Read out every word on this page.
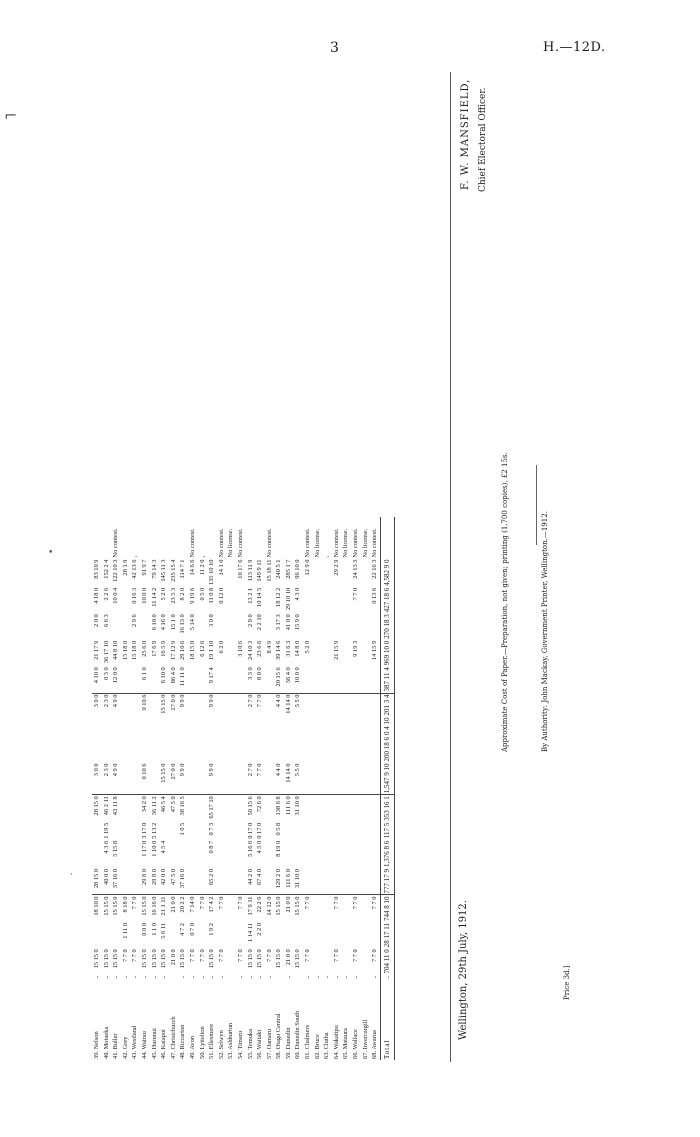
3	H.—12D.
⌐
•
·
39. Nelson	..	15 15 0		18 10 0		28 15 0			28 15 0		3 0 0			3 0 0		4 10 0	21 17 9	2 0 0	4 18 0	83 10 9	
40. Motueka	..	15 15 0		15 15 0		40 0 0	4 3 6	1 19 5	46 2 11		2 3 0			2 3 0		0 3 0	36 17 10	6 6 3	2 2 6	152 2 4	
41. Buller	..	15 15 0		15 15 0		37 16 0	5 15 8		43 11 8		4 9 0			4 9 0		12 0 0	44 8 10		10 0 4	122 10 3	No contest.
42. Grey	..	7 7 0	1 11 0	8 18 0													15 18 0			28 1 9	
43. Westland	..	7 7 0		7 7 0													15 18 0	2 9 6	0 16 3	42 13 6	,
44. Wairau	..	15 15 0	0 0 0	15 15 0		29 8 0	1 17 0	3 17 0	34 2 0		0 10 6			0 10 6		6 1 0	25 6 0		10 0 0	91 9 7	
45. Hurunui	..	15 15 0	1 1 0	16 16 0		29 8 0	1 10 0	5 13 2	36 11 2								17 6 9	6 10 0	11 14 2	79 14 3	
46. Kaiapoi	..	15 15 0	5 6 11	21 1 11		42 0 0	4 5 4		46 5 4		15 15 0			15 15 0		6 10 0	16 5 9	4 16 0	5 2 0	145 11 3	
47. Christchurch		21 0 0		21 0 0		47 5 0			47 5 0		27 0 0			27 0 0		86 4 0	17 12 9	15 1 0	23 5 3	235 15 4	
48. Riccarton	..	15 15 0	4 7 2	20 2 2		37 16 0		1 0 5	38 16 5		9 9 0			9 9 0		11 11 0	29 10 6	16 13 0	8 2 0	114 7 1	
49. Avon	..	7 7 0	0 7 0	7 14 0													18 15 0	5 14 0	9 19 6	14 6 6	No contest.
50. Lyttelton	..	7 7 0		7 7 0													6 12 6		0 5 0	11 2 0	,
51. Ellesmere	..	15 15 0	1 9 2	17 4 2		65 2 0	0 8 7	0 7 3	65 17 10		9 9 0			9 9 0		9 17 4	19 1 10	3 0 0	11 0 8	135 10 10	
52. Selwyn	..	7 7 0		7 7 0													6 2 0		0 12 0	14 1 0	No contest.
53. Ashburton																					No license.
54. Timaru	..	7 7 0		7 7 0													3 10 6			10 17 6	No contest.
55. Temuka	..	15 15 0	1 14 11	17 9 11		44 2 0	5 16 6	0 17 0	50 15 6		2 7 0			2 7 0		3 3 0	24 10 3	2 9 0	13 2 1	113 11 9	
56. Waitaki	..	15 15 0	2 2 0	22 2 6		67 4 0	4 5 0	0 17 0	72 6 0		7 7 0			7 7 0		8 0 0	23 6 6	2 2 10	10 14 5	149 9 11	
57. Oamaru	..	7 7 0		14 12 0													8 4 9			15 18 11	No contest.
58. Otago Central		15 15 0		15 15 0		129 2 0	8 19 0	0 5 8	138 6 8		4 4 0			4 4 0		20 15 6	39 14 6	3 17 3	18 12 2	240 5 1	
59. Dunedin	..	21 0 0		21 0 0		111 6 0			111 6 0		14 14 0			14 14 0		36 4 0	31 6 3	41 0 0	29 10 10	285 1 7	
60. Dunedin South		15 15 0		15 15 0		31 10 0			31 10 0		5 5 0			5 5 0		10 0 0	14 8 0	15 9 0	4 3 0	96 10 0	
61. Chalmers	..	7 7 0		7 7 0													5 2 0			12 9 0	No contest.
62. Bruce	..																				No license.
63. Clutha	..																				,
64. Wakatipu	..	7 7 0		7 7 0													21 15 9			29 2 9	No contest.
65. Mataura	..																				No license.
66. Wallace	..	7 7 0		7 7 0													9 19 3		7 7 0	24 13 3	No contest.
67. Invercargill																					No license.
68. Awarua	..	7 7 0		7 7 0													14 15 9		0 13 6	22 16 3	No contest.
Total	..	704 11 0	28 17 11	744 8 10		777 17 9	1,376 8 6	117 5	353 16 1		1,547 9 10	200 18 6	0 4 10	201 3 4		387 11 4	969 10 0	270 18 3	427 18 6	4,582 9 0	
Wellington, 29th July, 1912.	Price 3d.]
Approximate Cost of Paper.—Preparation, not given; printing (1,700 copies), £2 15s.	By Authority: John Mackay, Government Printer, Wellington.—1912.
F. W. MANSFIELD, Chief Electoral Officer.
